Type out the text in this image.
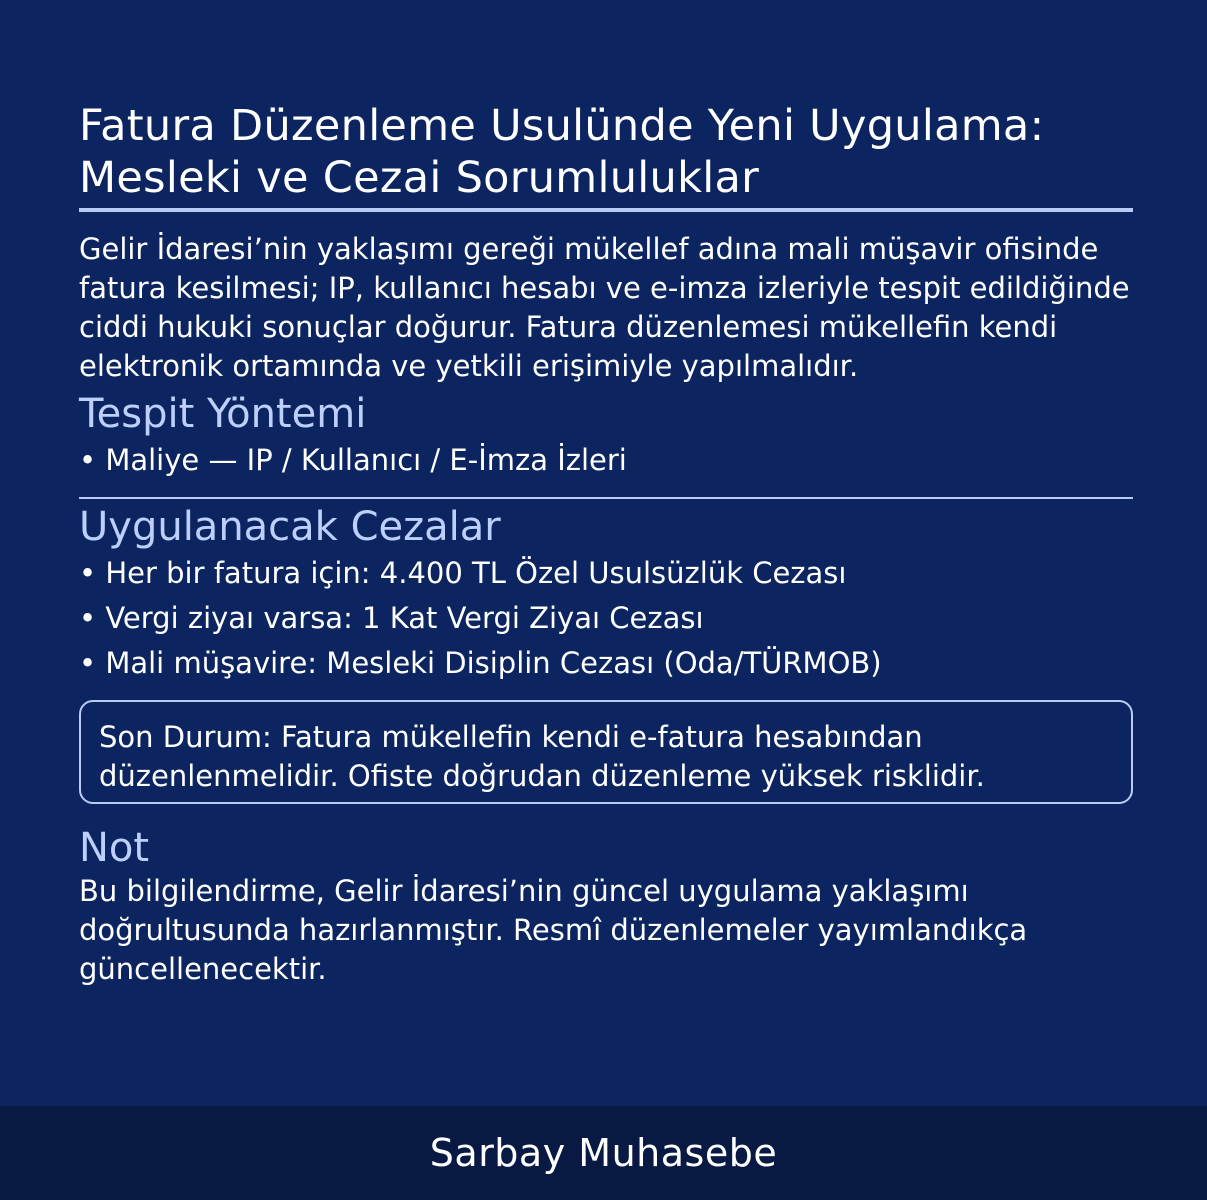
Fatura Düzenleme Usulünde Yeni Uygulama:
Mesleki ve Cezai Sorumluluklar

Gelir İdaresi’nin yaklaşımı gereği mükellef adına mali müşavir ofisinde fatura kesilmesi; IP, kullanıcı hesabı ve e-imza izleriyle tespit edildiğinde ciddi hukuki sonuçlar doğurur. Fatura düzenlemesi mükellefin kendi elektronik ortamında ve yetkili erişimiyle yapılmalıdır.

Tespit Yöntemi

• Maliye — IP / Kullanıcı / E-İmza İzleri

Uygulanacak Cezalar

• Her bir fatura için: 4.400 TL Özel Usulsüzlük Cezası

• Vergi ziyaı varsa: 1 Kat Vergi Ziyaı Cezası

• Mali müşavire: Mesleki Disiplin Cezası (Oda/TÜRMOB)

Son Durum: Fatura mükellefin kendi e-fatura hesabından düzenlenmelidir. Ofiste doğrudan düzenleme yüksek risklidir.
Not

Bu bilgilendirme, Gelir İdaresi’nin güncel uygulama yaklaşımı doğrultusunda hazırlanmıştır. Resmî düzenlemeler yayımlandıkça güncellenecektir.

Sarbay Muhasebe
